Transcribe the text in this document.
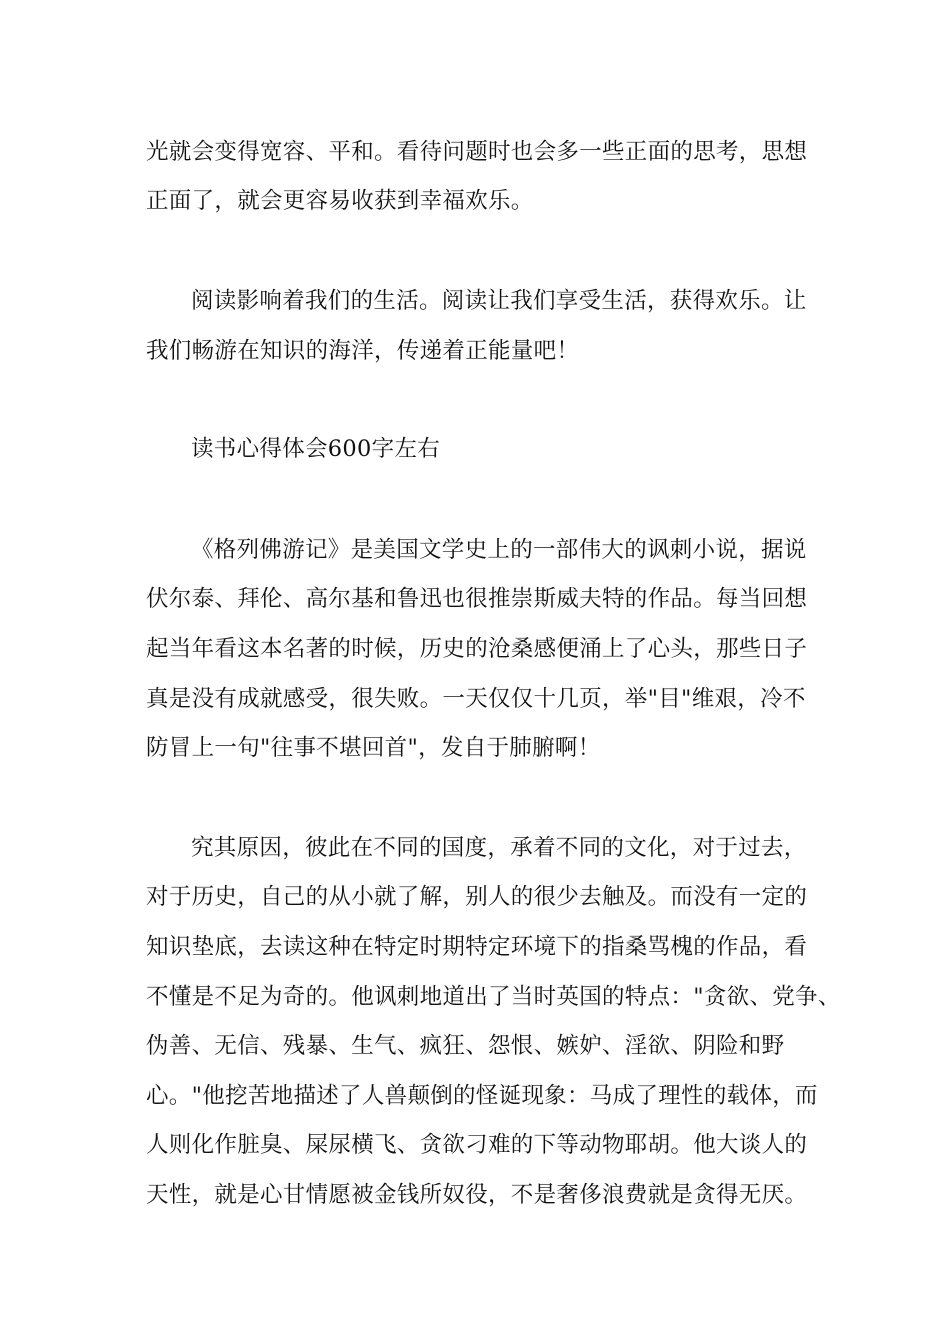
光就会变得宽容、平和。看待问题时也会多一些正面的思考，思想
正面了，就会更容易收获到幸福欢乐。
阅读影响着我们的生活。阅读让我们享受生活，获得欢乐。让
我们畅游在知识的海洋，传递着正能量吧！
读书心得体会600字左右
《格列佛游记》是美国文学史上的一部伟大的讽刺小说，据说
伏尔泰、拜伦、高尔基和鲁迅也很推崇斯威夫特的作品。每当回想
起当年看这本名著的时候，历史的沧桑感便涌上了心头，那些日子
真是没有成就感受，很失败。一天仅仅十几页，举"目"维艰，冷不
防冒上一句"往事不堪回首"，发自于肺腑啊！
究其原因，彼此在不同的国度，承着不同的文化，对于过去，
对于历史，自己的从小就了解，别人的很少去触及。而没有一定的
知识垫底，去读这种在特定时期特定环境下的指桑骂槐的作品，看
不懂是不足为奇的。他讽刺地道出了当时英国的特点："贪欲、党争、
伪善、无信、残暴、生气、疯狂、怨恨、嫉妒、淫欲、阴险和野
心。"他挖苦地描述了人兽颠倒的怪诞现象：马成了理性的载体，而
人则化作脏臭、屎尿横飞、贪欲刁难的下等动物耶胡。他大谈人的
天性，就是心甘情愿被金钱所奴役，不是奢侈浪费就是贪得无厌。
